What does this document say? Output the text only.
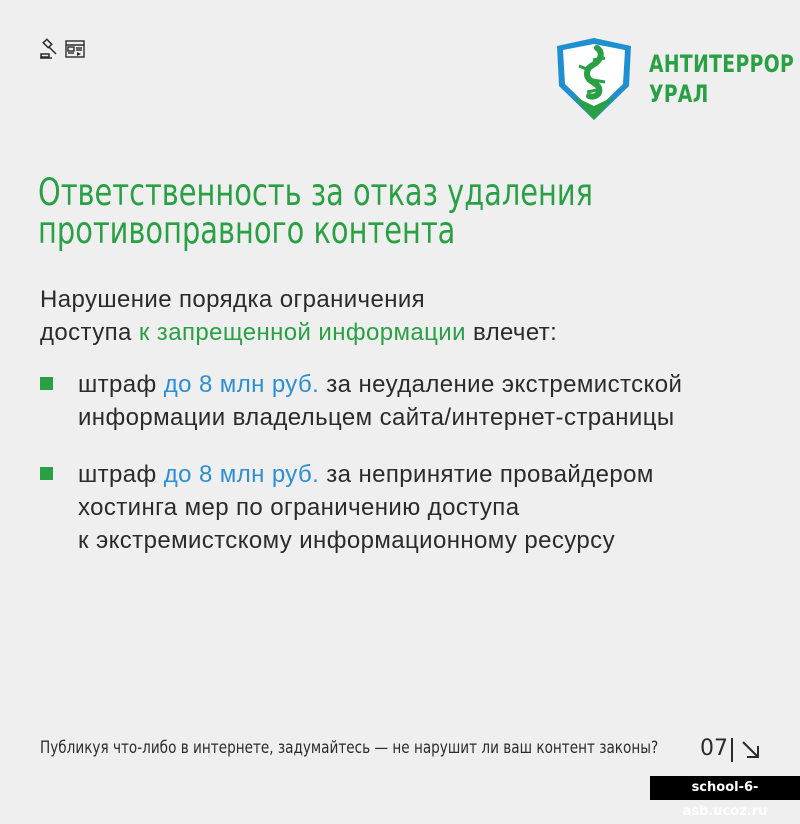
АНТИТЕРРОР
УРАЛ
Ответственность за отказ удаления
противоправного контента
Нарушение порядка ограничения
доступа к запрещенной информации влечет:
штраф до 8 млн руб. за неудаление экстремистской
информации владельцем сайта/интернет-страницы
штраф до 8 млн руб. за непринятие провайдером
хостинга мер по ограничению доступа
к экстремистскому информационному ресурсу
Публикуя что-либо в интернете, задумайтесь — не нарушит ли ваш контент законы? 07
school-6-asb.ucoz.ru
